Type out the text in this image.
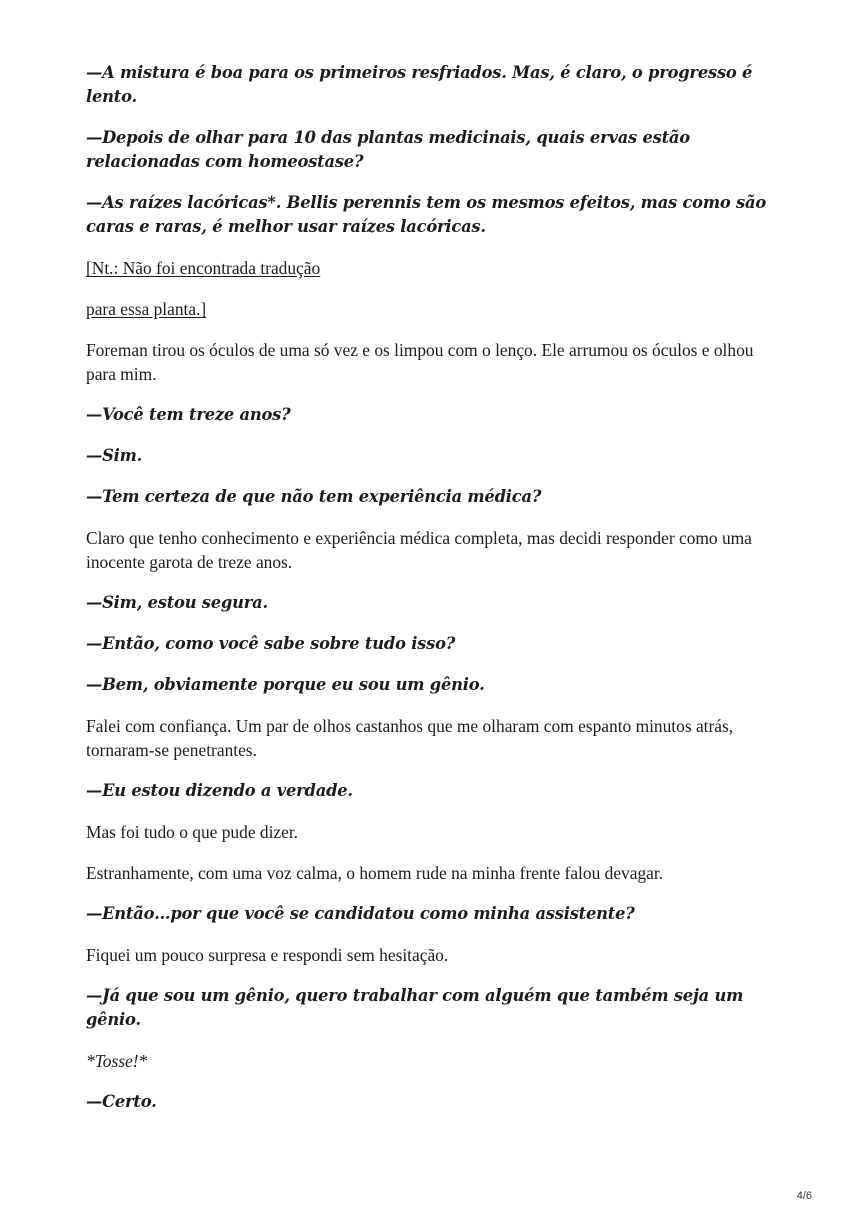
—A mistura é boa para os primeiros resfriados. Mas, é claro, o progresso é lento.

—Depois de olhar para 10 das plantas medicinais, quais ervas estão relacionadas com homeostase?

—As raízes lacóricas*. Bellis perennis tem os mesmos efeitos, mas como são caras e raras, é melhor usar raízes lacóricas.

[Nt.: Não foi encontrada tradução

para essa planta.]

Foreman tirou os óculos de uma só vez e os limpou com o lenço. Ele arrumou os óculos e olhou para mim.

—Você tem treze anos?

—Sim.

—Tem certeza de que não tem experiência médica?

Claro que tenho conhecimento e experiência médica completa, mas decidi responder como uma inocente garota de treze anos.

—Sim, estou segura.

—Então, como você sabe sobre tudo isso?

—Bem, obviamente porque eu sou um gênio.

Falei com confiança. Um par de olhos castanhos que me olharam com espanto minutos atrás, tornaram-se penetrantes.

—Eu estou dizendo a verdade.

Mas foi tudo o que pude dizer.

Estranhamente, com uma voz calma, o homem rude na minha frente falou devagar.

—Então…por que você se candidatou como minha assistente?

Fiquei um pouco surpresa e respondi sem hesitação.

—Já que sou um gênio, quero trabalhar com alguém que também seja um gênio.

*Tosse!*

—Certo.

4/6
